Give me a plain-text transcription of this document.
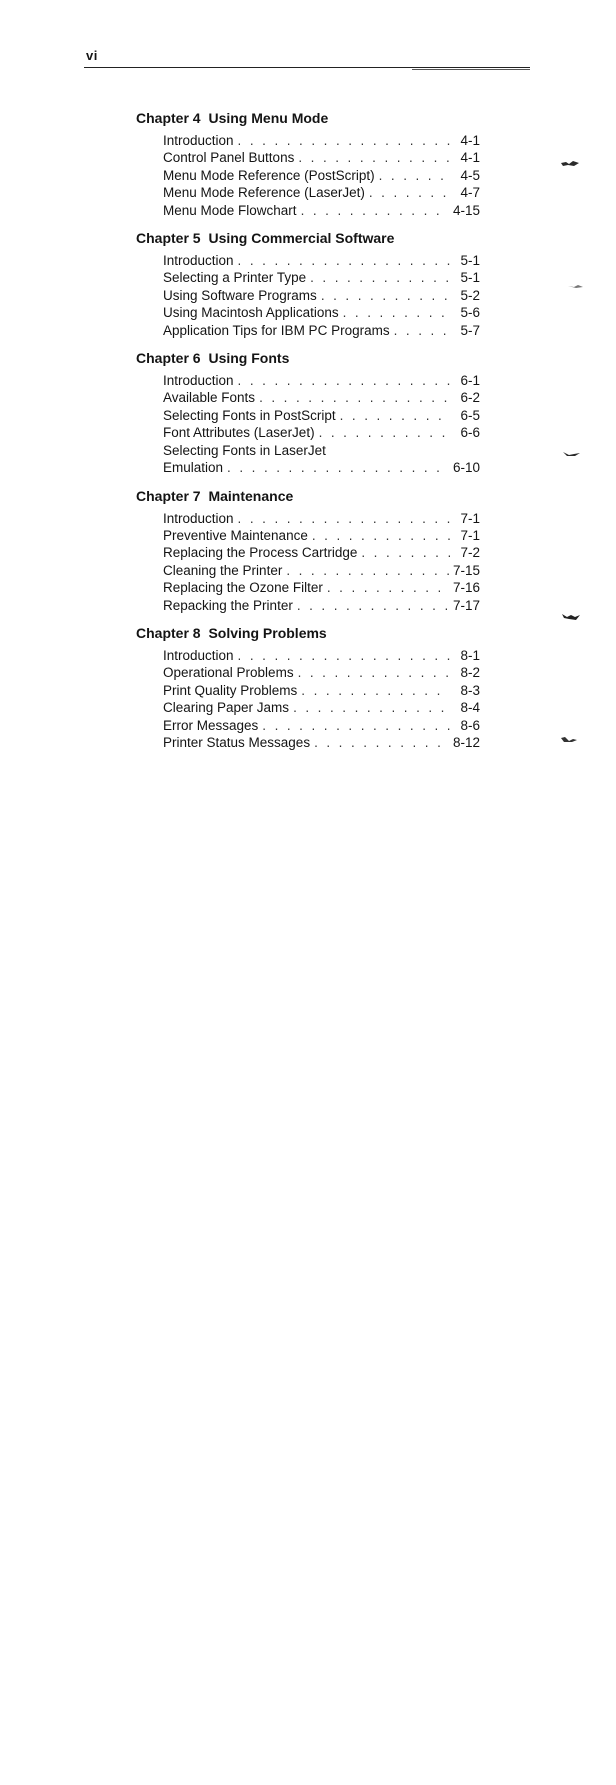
vi
Chapter 4 Using Menu Mode
Introduction . . .	4-1
Control Panel Buttons . . .	4-1
Menu Mode Reference (PostScript) . . .	4-5
Menu Mode Reference (LaserJet) . . .	4-7
Menu Mode Flowchart . . .	4-15
Chapter 5 Using Commercial Software
Introduction . . .	5-1
Selecting a Printer Type . . .	5-1
Using Software Programs . . .	5-2
Using Macintosh Applications . . .	5-6
Application Tips for IBM PC Programs . . .	5-7
Chapter 6 Using Fonts
Introduction . . .	6-1
Available Fonts . . .	6-2
Selecting Fonts in PostScript . . .	6-5
Font Attributes (LaserJet) . . .	6-6
Selecting Fonts in LaserJet
Emulation . . .	6-10
Chapter 7 Maintenance
Introduction . . .	7-1
Preventive Maintenance . . .	7-1
Replacing the Process Cartridge . . .	7-2
Cleaning the Printer . . .	7-15
Replacing the Ozone Filter . . .	7-16
Repacking the Printer . . .	7-17
Chapter 8 Solving Problems
Introduction . . .	8-1
Operational Problems . . .	8-2
Print Quality Problems . . .	8-3
Clearing Paper Jams . . .	8-4
Error Messages . . .	8-6
Printer Status Messages . . .	8-12
